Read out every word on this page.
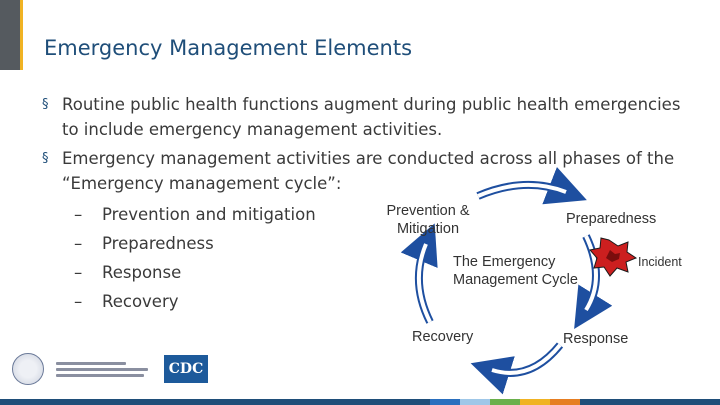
Emergency Management Elements
§ Routine public health functions augment during public health emergencies to include emergency management activities.
§ Emergency management activities are conducted across all phases of the “Emergency management cycle”:
– Prevention and mitigation
– Preparedness
– Response
– Recovery
Prevention &
Mitigation
Preparedness
Incident
The Emergency
Management Cycle
Recovery	Response
CDC
